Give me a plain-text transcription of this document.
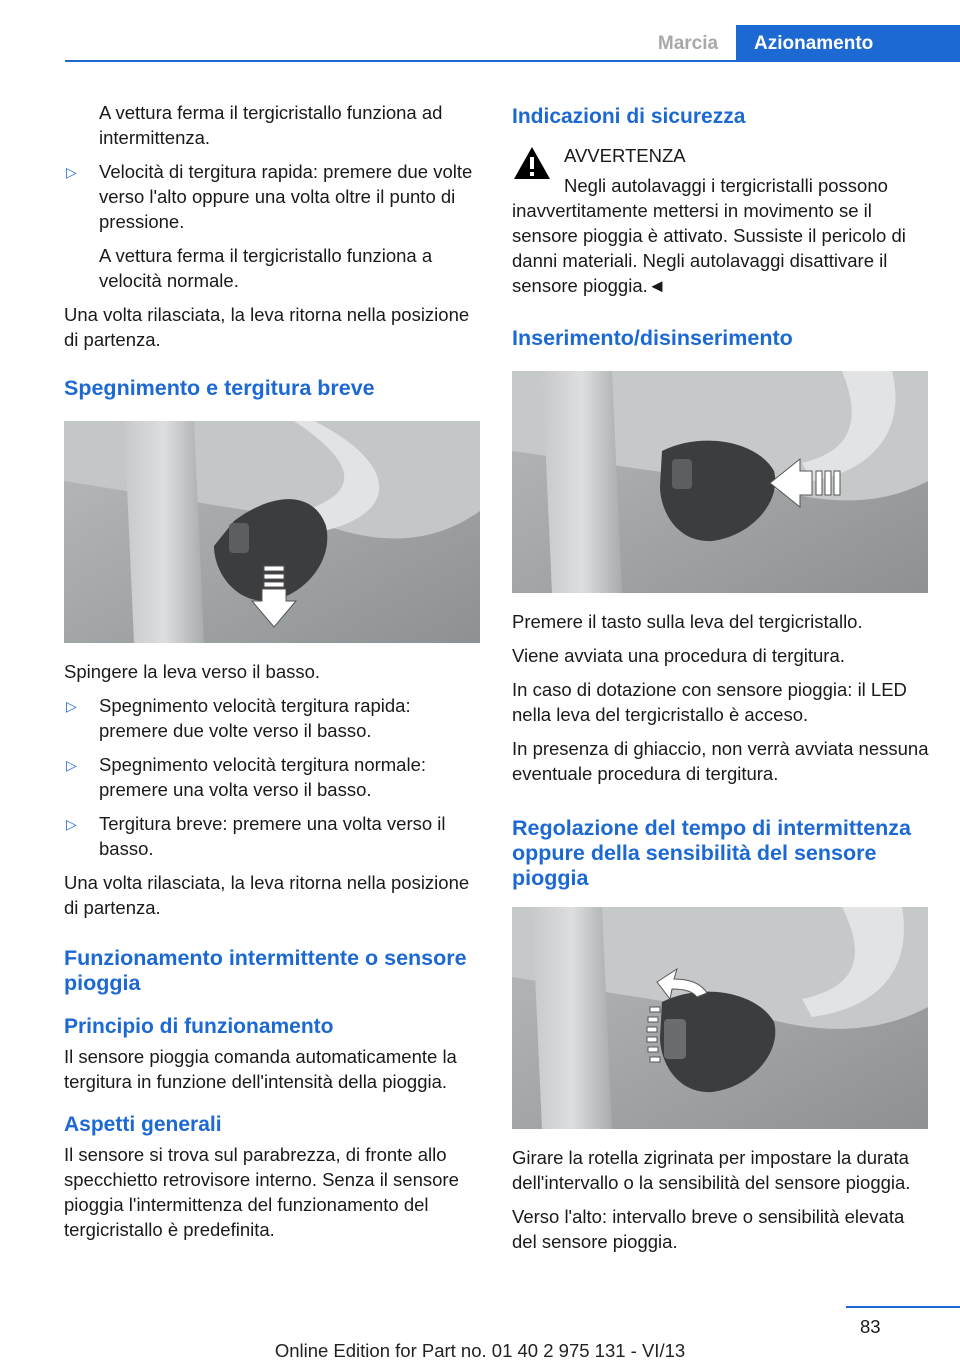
Marcia	Azionamento
A vettura ferma il tergicristallo funziona ad intermittenza.
▷ Velocità di tergitura rapida: premere due volte verso l'alto oppure una volta oltre il punto di pressione.
A vettura ferma il tergicristallo funziona a velocità normale.
Una volta rilasciata, la leva ritorna nella posizione di partenza.
Spegnimento e tergitura breve
Spingere la leva verso il basso.
▷ Spegnimento velocità tergitura rapida: premere due volte verso il basso.
▷ Spegnimento velocità tergitura normale: premere una volta verso il basso.
▷ Tergitura breve: premere una volta verso il basso.
Una volta rilasciata, la leva ritorna nella posizione di partenza.
Funzionamento intermittente o sensore pioggia
Principio di funzionamento
Il sensore pioggia comanda automaticamente la tergitura in funzione dell'intensità della pioggia.
Aspetti generali
Il sensore si trova sul parabrezza, di fronte allo specchietto retrovisore interno. Senza il sensore pioggia l'intermittenza del funzionamento del tergicristallo è predefinita.
Indicazioni di sicurezza
AVVERTENZA
Negli autolavaggi i tergicristalli possono inavvertitamente mettersi in movimento se il sensore pioggia è attivato. Sussiste il pericolo di danni materiali. Negli autolavaggi disattivare il sensore pioggia.◄
Inserimento/disinserimento
Premere il tasto sulla leva del tergicristallo.
Viene avviata una procedura di tergitura.
In caso di dotazione con sensore pioggia: il LED nella leva del tergicristallo è acceso.
In presenza di ghiaccio, non verrà avviata nessuna eventuale procedura di tergitura.
Regolazione del tempo di intermittenza oppure della sensibilità del sensore pioggia
Girare la rotella zigrinata per impostare la durata dell'intervallo o la sensibilità del sensore pioggia.
Verso l'alto: intervallo breve o sensibilità elevata del sensore pioggia.
83
Online Edition for Part no. 01 40 2 975 131 - VI/13
